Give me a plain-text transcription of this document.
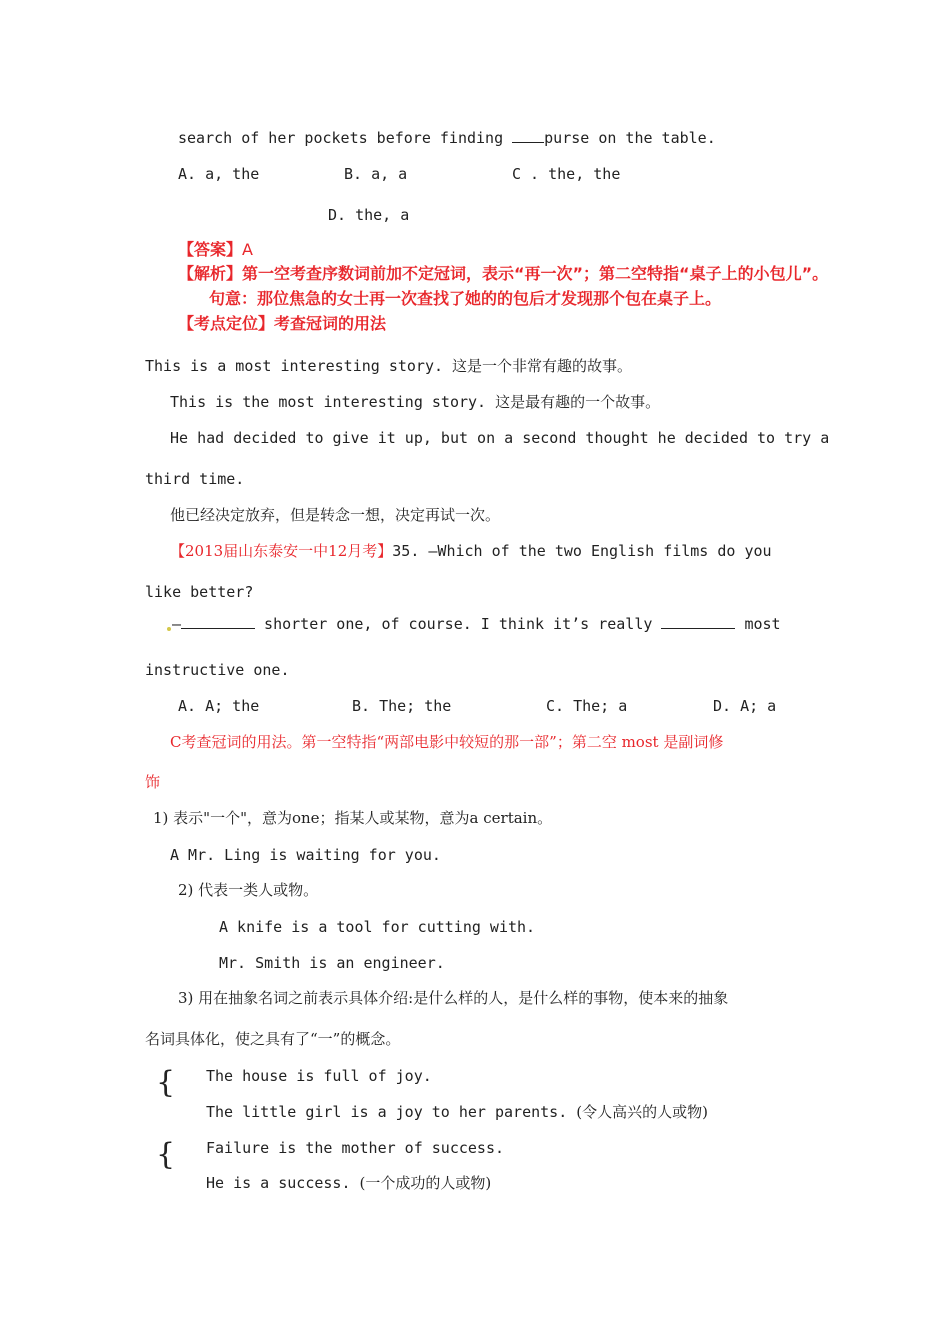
search of her pockets before finding purse on the table.
A. a, the	B. a, a	C . the, the
D. the, a
【答案】A
【解析】第一空考查序数词前加不定冠词，表示“再一次”；第二空特指“桌子上的小包儿”。
句意：那位焦急的女士再一次查找了她的的包后才发现那个包在桌子上。
【考点定位】考查冠词的用法
This is a most interesting story. 这是一个非常有趣的故事。
This is the most interesting story. 这是最有趣的一个故事。
He had decided to give it up, but on a second thought he decided to try a
third time.
他已经决定放弃，但是转念一想，决定再试一次。
【2013届山东泰安一中12月考】35. —Which of the two English films do you
like better?
—	shorter one, of course. I think it’s really	most
instructive one.
A. A; the	B. The; the	C. The; a	D. A; a
C考查冠词的用法。第一空特指“两部电影中较短的那一部”；第二空 most 是副词修
饰
1) 表示"一个"，意为one；指某人或某物，意为a certain。
A Mr. Ling is waiting for you.
2) 代表一类人或物。
A knife is a tool for cutting with.
Mr. Smith is an engineer.
3) 用在抽象名词之前表示具体介绍:是什么样的人，是什么样的事物，使本来的抽象
名词具体化，使之具有了“一”的概念。
{ The house is full of joy.
The little girl is a joy to her parents. (令人高兴的人或物)
{ Failure is the mother of success.
He is a success. (一个成功的人或物)
